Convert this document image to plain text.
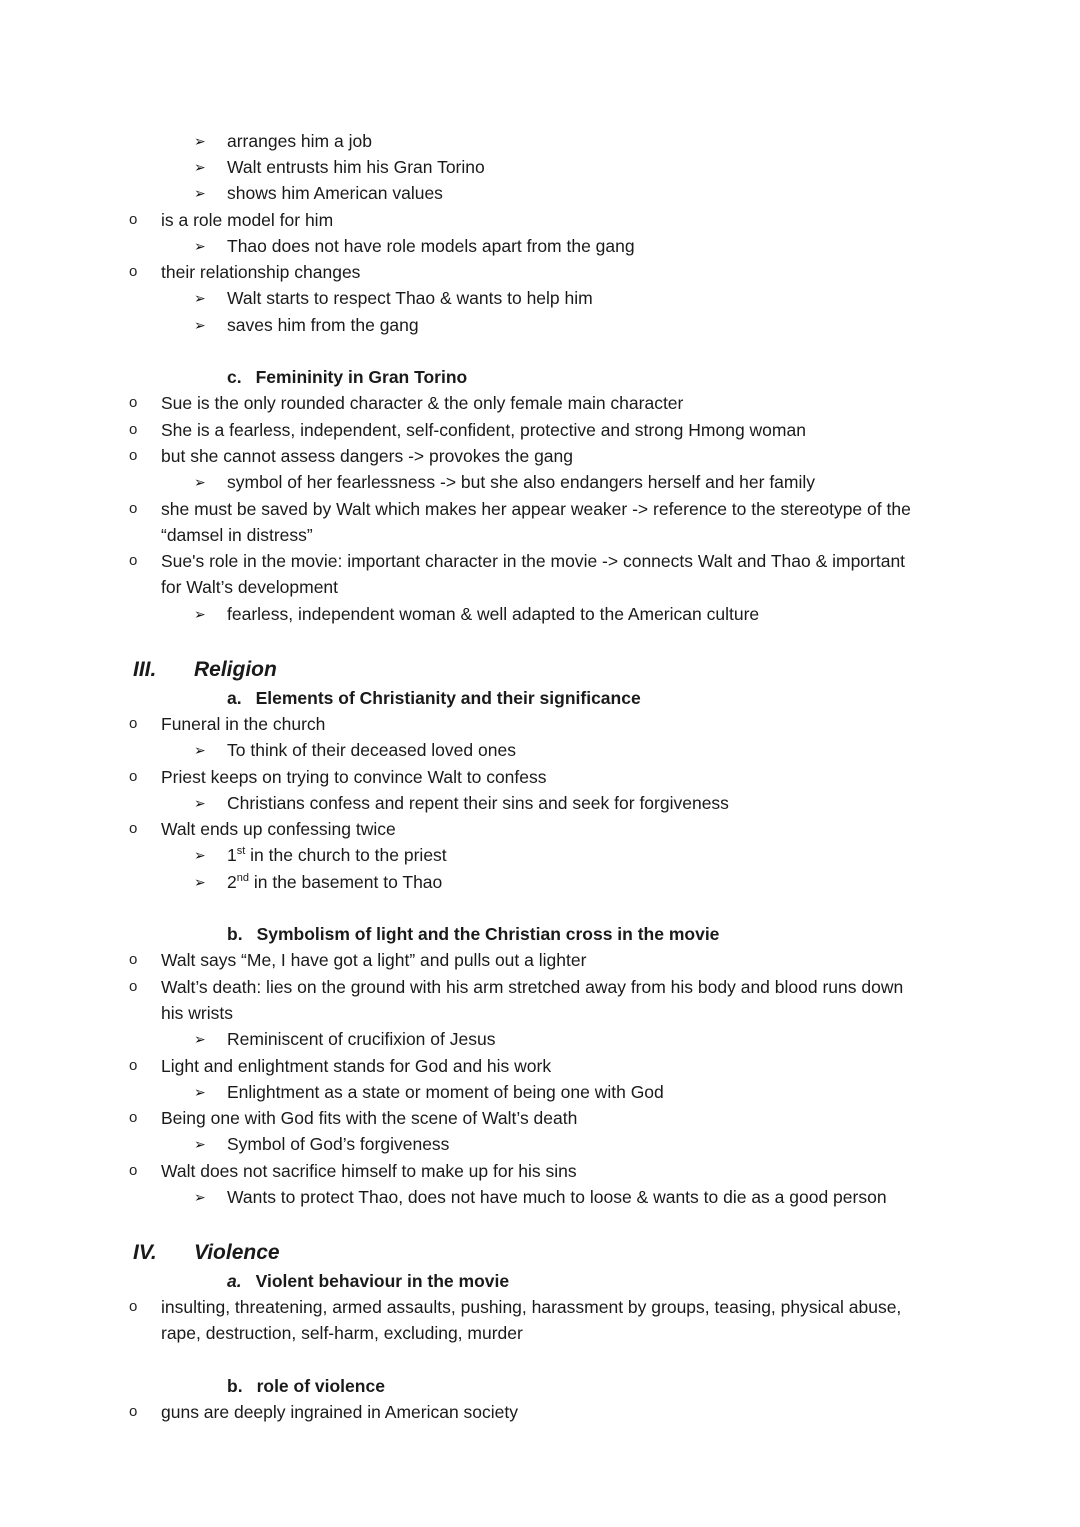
➢ arranges him a job
➢ Walt entrusts him his Gran Torino
➢ shows him American values
o is a role model for him
➢ Thao does not have role models apart from the gang
o their relationship changes
➢ Walt starts to respect Thao & wants to help him
➢ saves him from the gang
c. Femininity in Gran Torino
o Sue is the only rounded character & the only female main character
o She is a fearless, independent, self-confident, protective and strong Hmong woman
o but she cannot assess dangers -> provokes the gang
➢ symbol of her fearlessness -> but she also endangers herself and her family
o she must be saved by Walt which makes her appear weaker -> reference to the stereotype of the
“damsel in distress”
o Sue's role in the movie: important character in the movie -> connects Walt and Thao & important
for Walt’s development
➢ fearless, independent woman & well adapted to the American culture
III. Religion
a. Elements of Christianity and their significance
o Funeral in the church
➢ To think of their deceased loved ones
o Priest keeps on trying to convince Walt to confess
➢ Christians confess and repent their sins and seek for forgiveness
o Walt ends up confessing twice
➢ 1st in the church to the priest
➢ 2nd in the basement to Thao
b. Symbolism of light and the Christian cross in the movie
o Walt says “Me, I have got a light” and pulls out a lighter
o Walt’s death: lies on the ground with his arm stretched away from his body and blood runs down
his wrists
➢ Reminiscent of crucifixion of Jesus
o Light and enlightment stands for God and his work
➢ Enlightment as a state or moment of being one with God
o Being one with God fits with the scene of Walt’s death
➢ Symbol of God’s forgiveness
o Walt does not sacrifice himself to make up for his sins
➢ Wants to protect Thao, does not have much to loose & wants to die as a good person
IV. Violence
a. Violent behaviour in the movie
o insulting, threatening, armed assaults, pushing, harassment by groups, teasing, physical abuse,
rape, destruction, self-harm, excluding, murder
b. role of violence
o guns are deeply ingrained in American society
